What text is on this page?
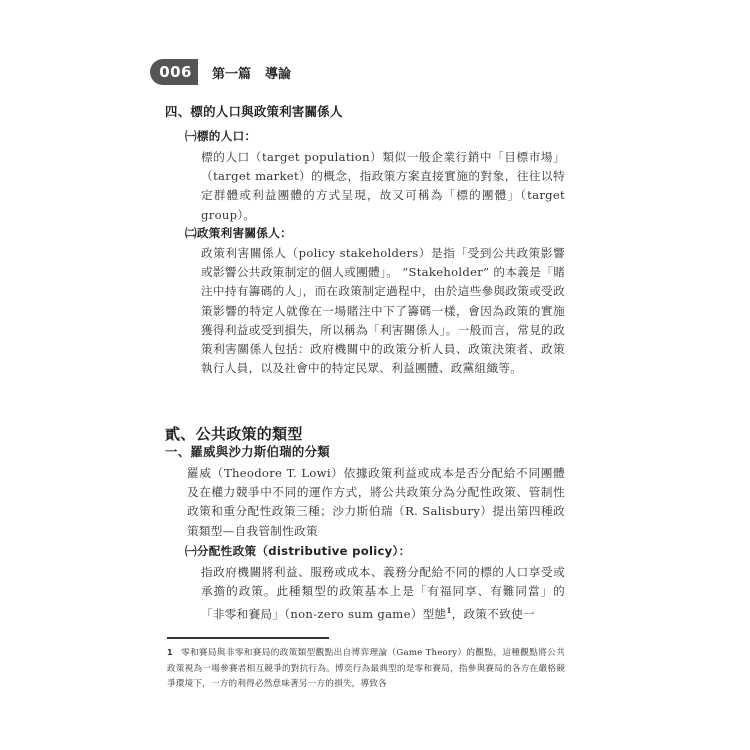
006 第一篇 導論

四、標的人口與政策利害關係人

㈠標的人口：

標的人口（target population）類似一般企業行銷中「目標市場」（target market）的概念，指政策方案直接實施的對象，往往以特定群體或利益團體的方式呈現，故又可稱為「標的團體」（target group）。

㈡政策利害關係人：

政策利害關係人（policy stakeholders）是指「受到公共政策影響或影響公共政策制定的個人或團體」。 “Stakeholder” 的本義是「賭注中持有籌碼的人」，而在政策制定過程中，由於這些參與政策或受政策影響的特定人就像在一場賭注中下了籌碼一樣，會因為政策的實施獲得利益或受到損失，所以稱為「利害關係人」。一般而言，常見的政策利害關係人包括：政府機關中的政策分析人員、政策決策者、政策執行人員，以及社會中的特定民眾、利益團體、政黨組織等。

貳、公共政策的類型

一、羅威與沙力斯伯瑞的分類

羅威（Theodore T. Lowi）依據政策利益或成本是否分配給不同團體及在權力競爭中不同的運作方式，將公共政策分為分配性政策、管制性政策和重分配性政策三種；沙力斯伯瑞（R. Salisbury）提出第四種政策類型—自我管制性政策

㈠分配性政策（distributive policy）：

指政府機關將利益、服務或成本、義務分配給不同的標的人口享受或承擔的政策。此種類型的政策基本上是「有福同享、有難同當」的「非零和賽局」（non-zero sum game）型態$^1$，政策不致使一

1 零和賽局與非零和賽局的政策類型觀點出自博弈理論（Game Theory）的觀點，這種觀點將公共政策視為一場參賽者相互競爭的對抗行為。博奕行為最典型的是零和賽局，指參與賽局的各方在嚴格競爭環境下，一方的利得必然意味著另一方的損失，導致各
